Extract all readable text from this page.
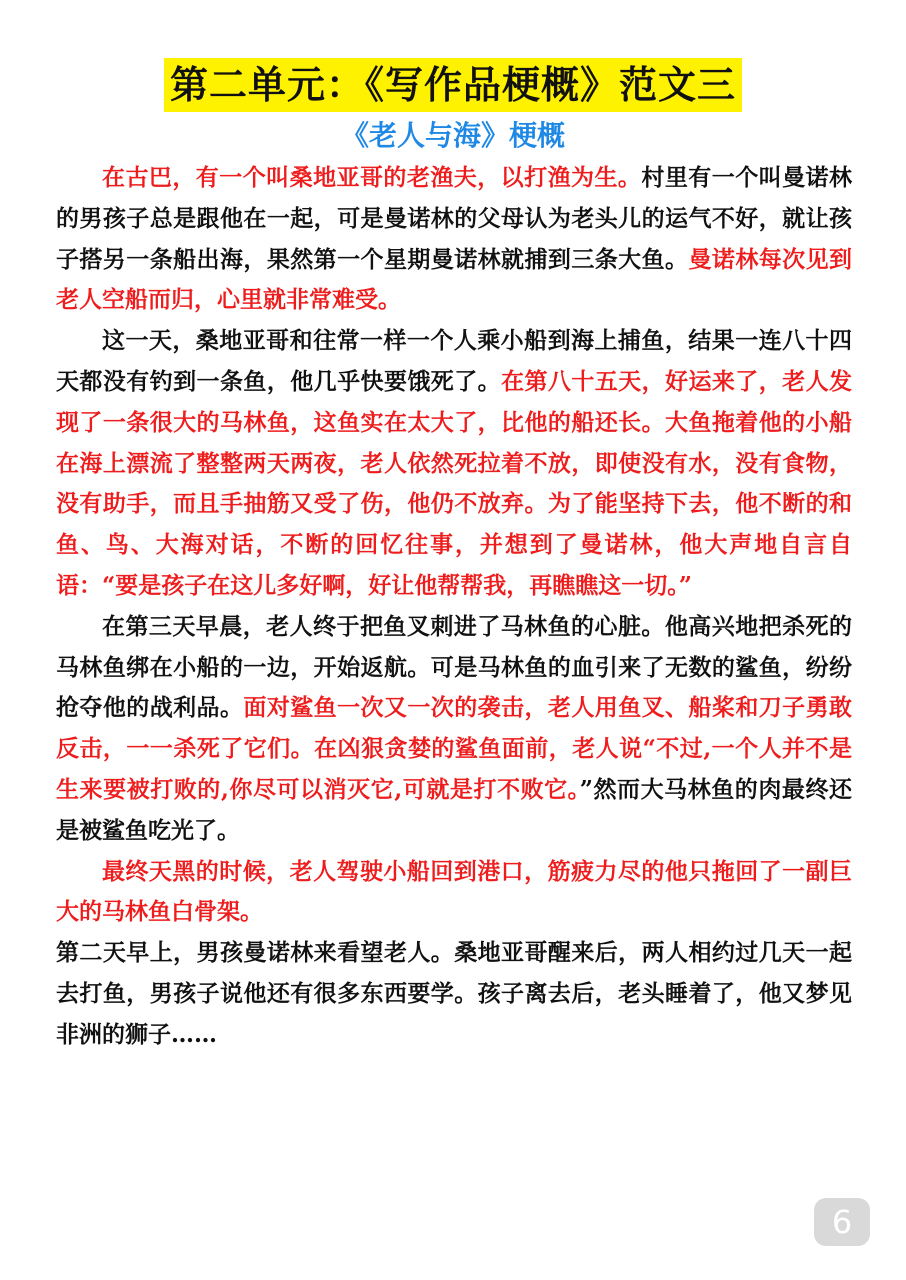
第二单元：《写作品梗概》范文三
《老人与海》梗概

在古巴，有一个叫桑地亚哥的老渔夫，以打渔为生。村里有一个叫曼诺林的男孩子总是跟他在一起，可是曼诺林的父母认为老头儿的运气不好，就让孩子搭另一条船出海，果然第一个星期曼诺林就捕到三条大鱼。曼诺林每次见到老人空船而归，心里就非常难受。

这一天，桑地亚哥和往常一样一个人乘小船到海上捕鱼，结果一连八十四天都没有钓到一条鱼，他几乎快要饿死了。在第八十五天，好运来了，老人发现了一条很大的马林鱼，这鱼实在太大了，比他的船还长。大鱼拖着他的小船在海上漂流了整整两天两夜，老人依然死拉着不放，即使没有水，没有食物，没有助手，而且手抽筋又受了伤，他仍不放弃。为了能坚持下去，他不断的和鱼、鸟、大海对话，不断的回忆往事，并想到了曼诺林，他大声地自言自语：“要是孩子在这儿多好啊，好让他帮帮我，再瞧瞧这一切。”

在第三天早晨，老人终于把鱼叉刺进了马林鱼的心脏。他高兴地把杀死的马林鱼绑在小船的一边，开始返航。可是马林鱼的血引来了无数的鲨鱼，纷纷抢夺他的战利品。面对鲨鱼一次又一次的袭击，老人用鱼叉、船桨和刀子勇敢反击，一一杀死了它们。在凶狠贪婪的鲨鱼面前，老人说“不过,一个人并不是生来要被打败的,你尽可以消灭它,可就是打不败它。”然而大马林鱼的肉最终还是被鲨鱼吃光了。

最终天黑的时候，老人驾驶小船回到港口，筋疲力尽的他只拖回了一副巨大的马林鱼白骨架。

第二天早上，男孩曼诺林来看望老人。桑地亚哥醒来后，两人相约过几天一起去打鱼，男孩子说他还有很多东西要学。孩子离去后，老头睡着了，他又梦见非洲的狮子……

6
